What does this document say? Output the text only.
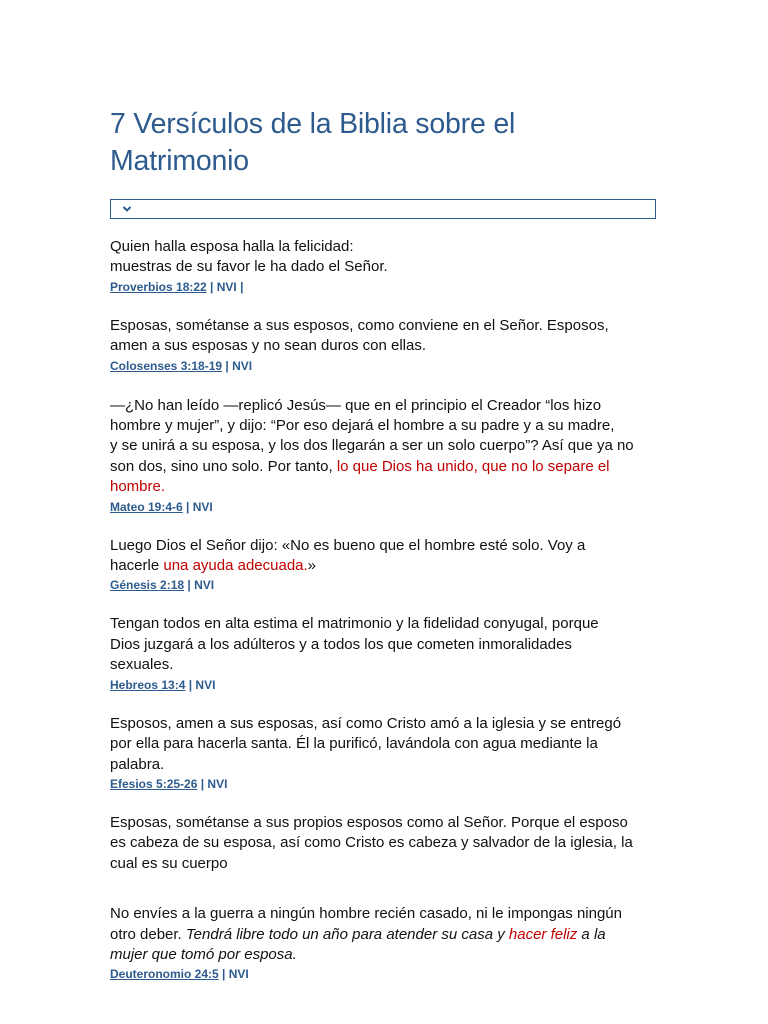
7 Versículos de la Biblia sobre el
Matrimonio
Quien halla esposa halla la felicidad:
muestras de su favor le ha dado el Señor.
Proverbios 18:22 | NVI |
Esposas, sométanse a sus esposos, como conviene en el Señor. Esposos,
amen a sus esposas y no sean duros con ellas.
Colosenses 3:18-19 | NVI
—¿No han leído —replicó Jesús— que en el principio el Creador “los hizo
hombre y mujer”, y dijo: “Por eso dejará el hombre a su padre y a su madre,
y se unirá a su esposa, y los dos llegarán a ser un solo cuerpo”? Así que ya no
son dos, sino uno solo. Por tanto, lo que Dios ha unido, que no lo separe el
hombre.
Mateo 19:4-6 | NVI
Luego Dios el Señor dijo: «No es bueno que el hombre esté solo. Voy a
hacerle una ayuda adecuada.»
Génesis 2:18 | NVI
Tengan todos en alta estima el matrimonio y la fidelidad conyugal, porque
Dios juzgará a los adúlteros y a todos los que cometen inmoralidades
sexuales.
Hebreos 13:4 | NVI
Esposos, amen a sus esposas, así como Cristo amó a la iglesia y se entregó
por ella para hacerla santa. Él la purificó, lavándola con agua mediante la
palabra.
Efesios 5:25-26 | NVI
Esposas, sométanse a sus propios esposos como al Señor. Porque el esposo
es cabeza de su esposa, así como Cristo es cabeza y salvador de la iglesia, la
cual es su cuerpo
No envíes a la guerra a ningún hombre recién casado, ni le impongas ningún
otro deber. Tendrá libre todo un año para atender su casa y hacer feliz a la
mujer que tomó por esposa.
Deuteronomio 24:5 | NVI
